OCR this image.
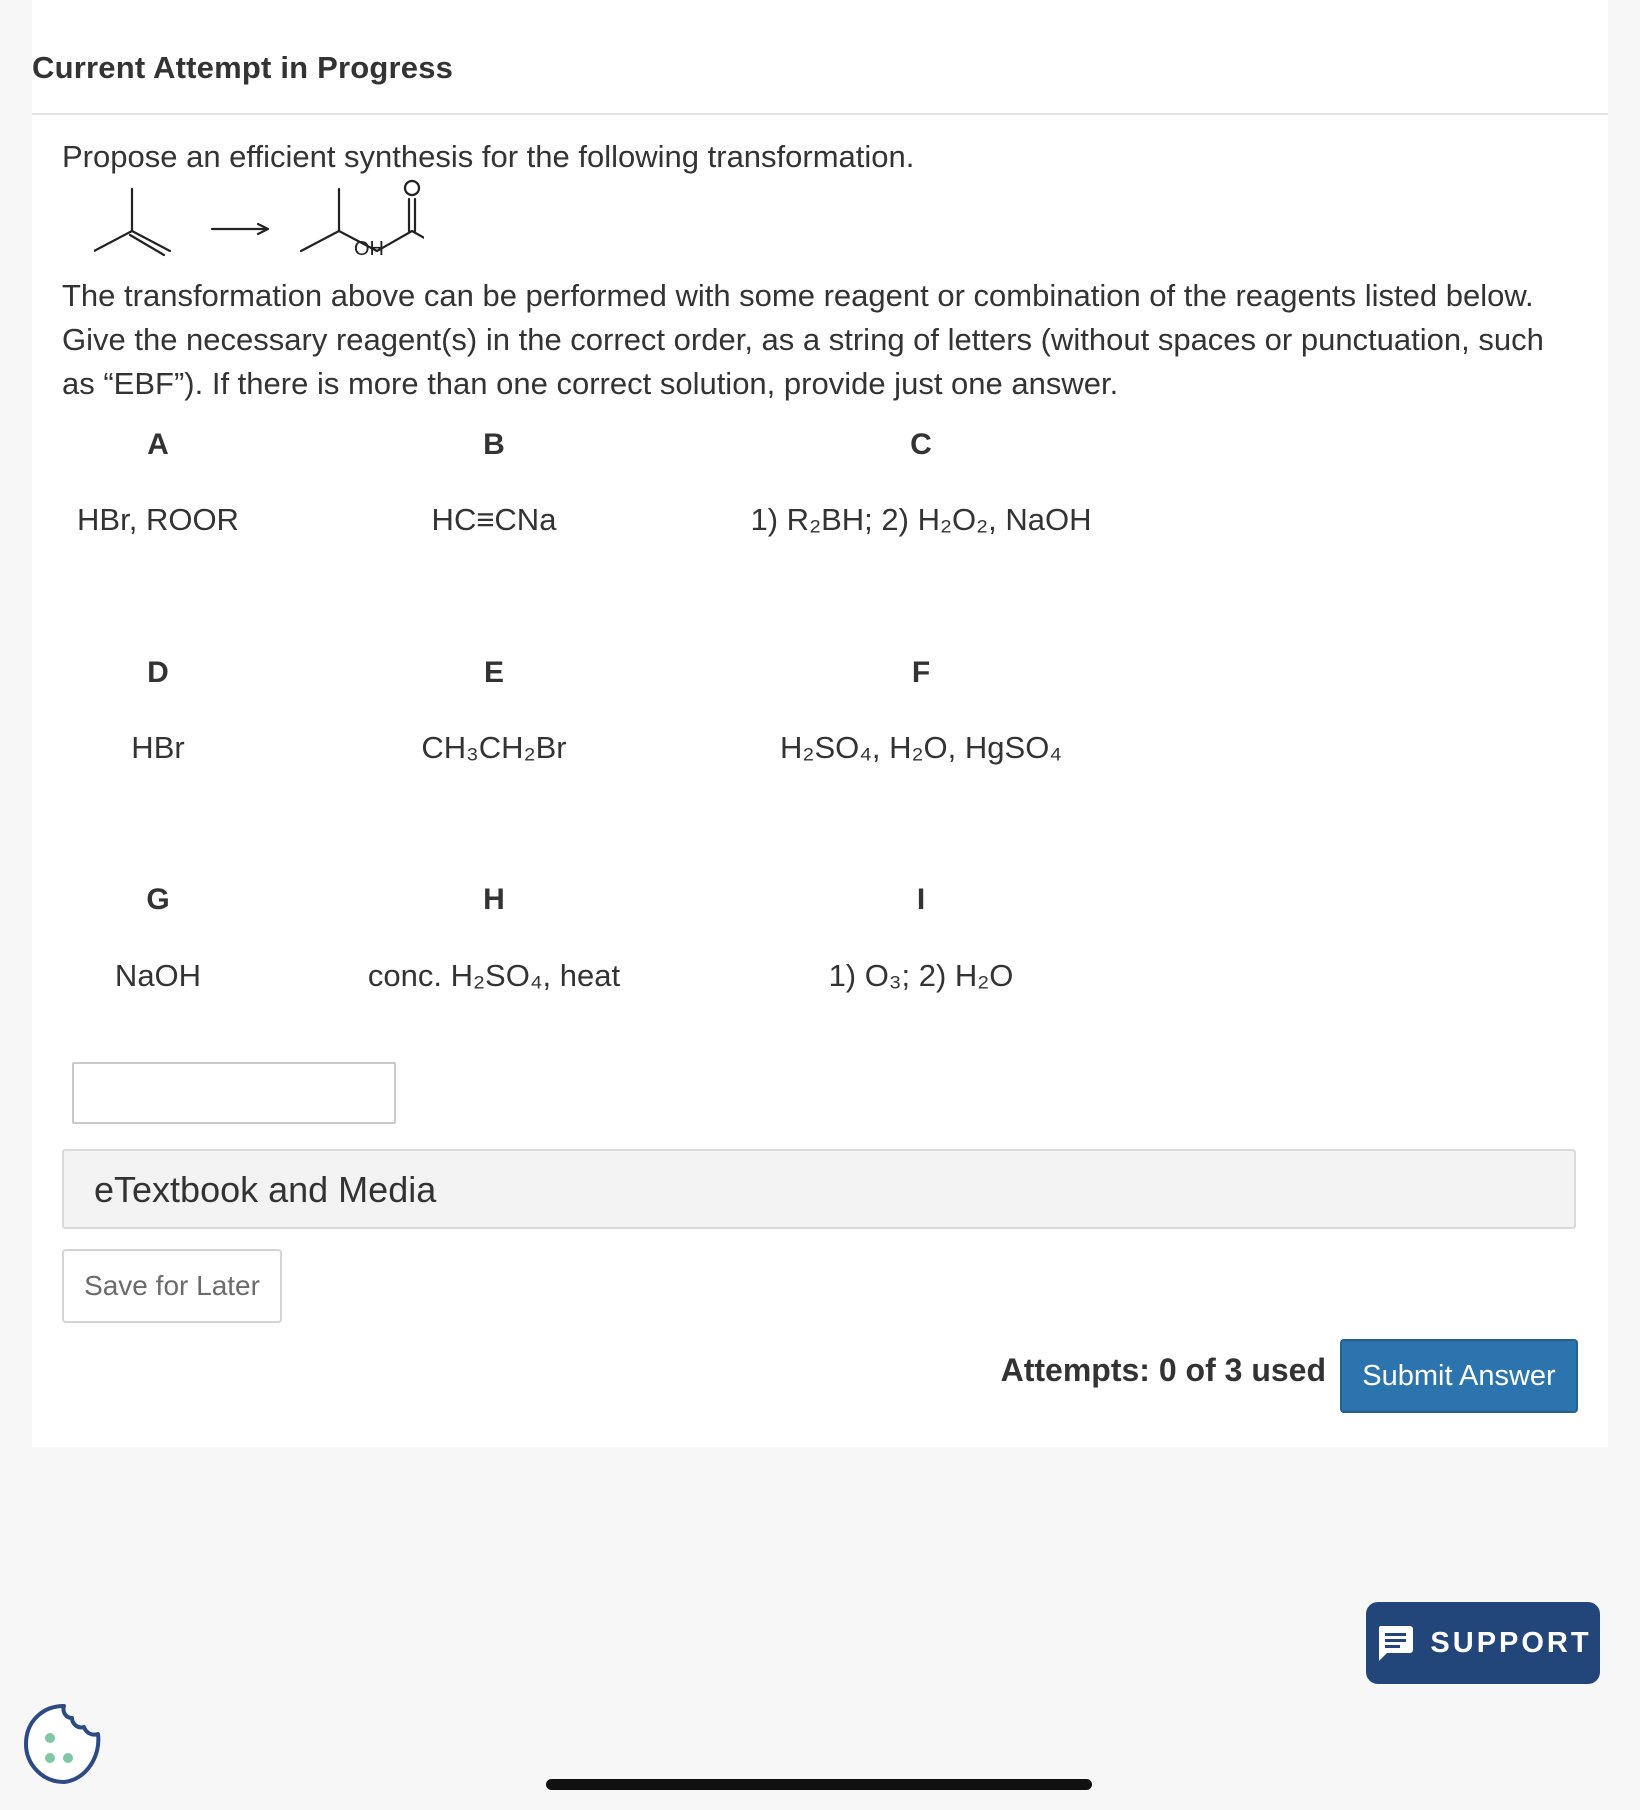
Current Attempt in Progress
Propose an efficient synthesis for the following transformation.
OH
The transformation above can be performed with some reagent or combination of the reagents listed below. Give the necessary reagent(s) in the correct order, as a string of letters (without spaces or punctuation, such as “EBF”). If there is more than one correct solution, provide just one answer.
A	B	C
HBr, ROOR	HC≡CNa	1) R₂BH; 2) H₂O₂, NaOH
D	E	F
HBr	CH₃CH₂Br	H₂SO₄, H₂O, HgSO₄
G	H	I
NaOH	conc. H₂SO₄, heat	1) O₃; 2) H₂O
eTextbook and Media
Save for Later
Attempts: 0 of 3 used	Submit Answer
SUPPORT
